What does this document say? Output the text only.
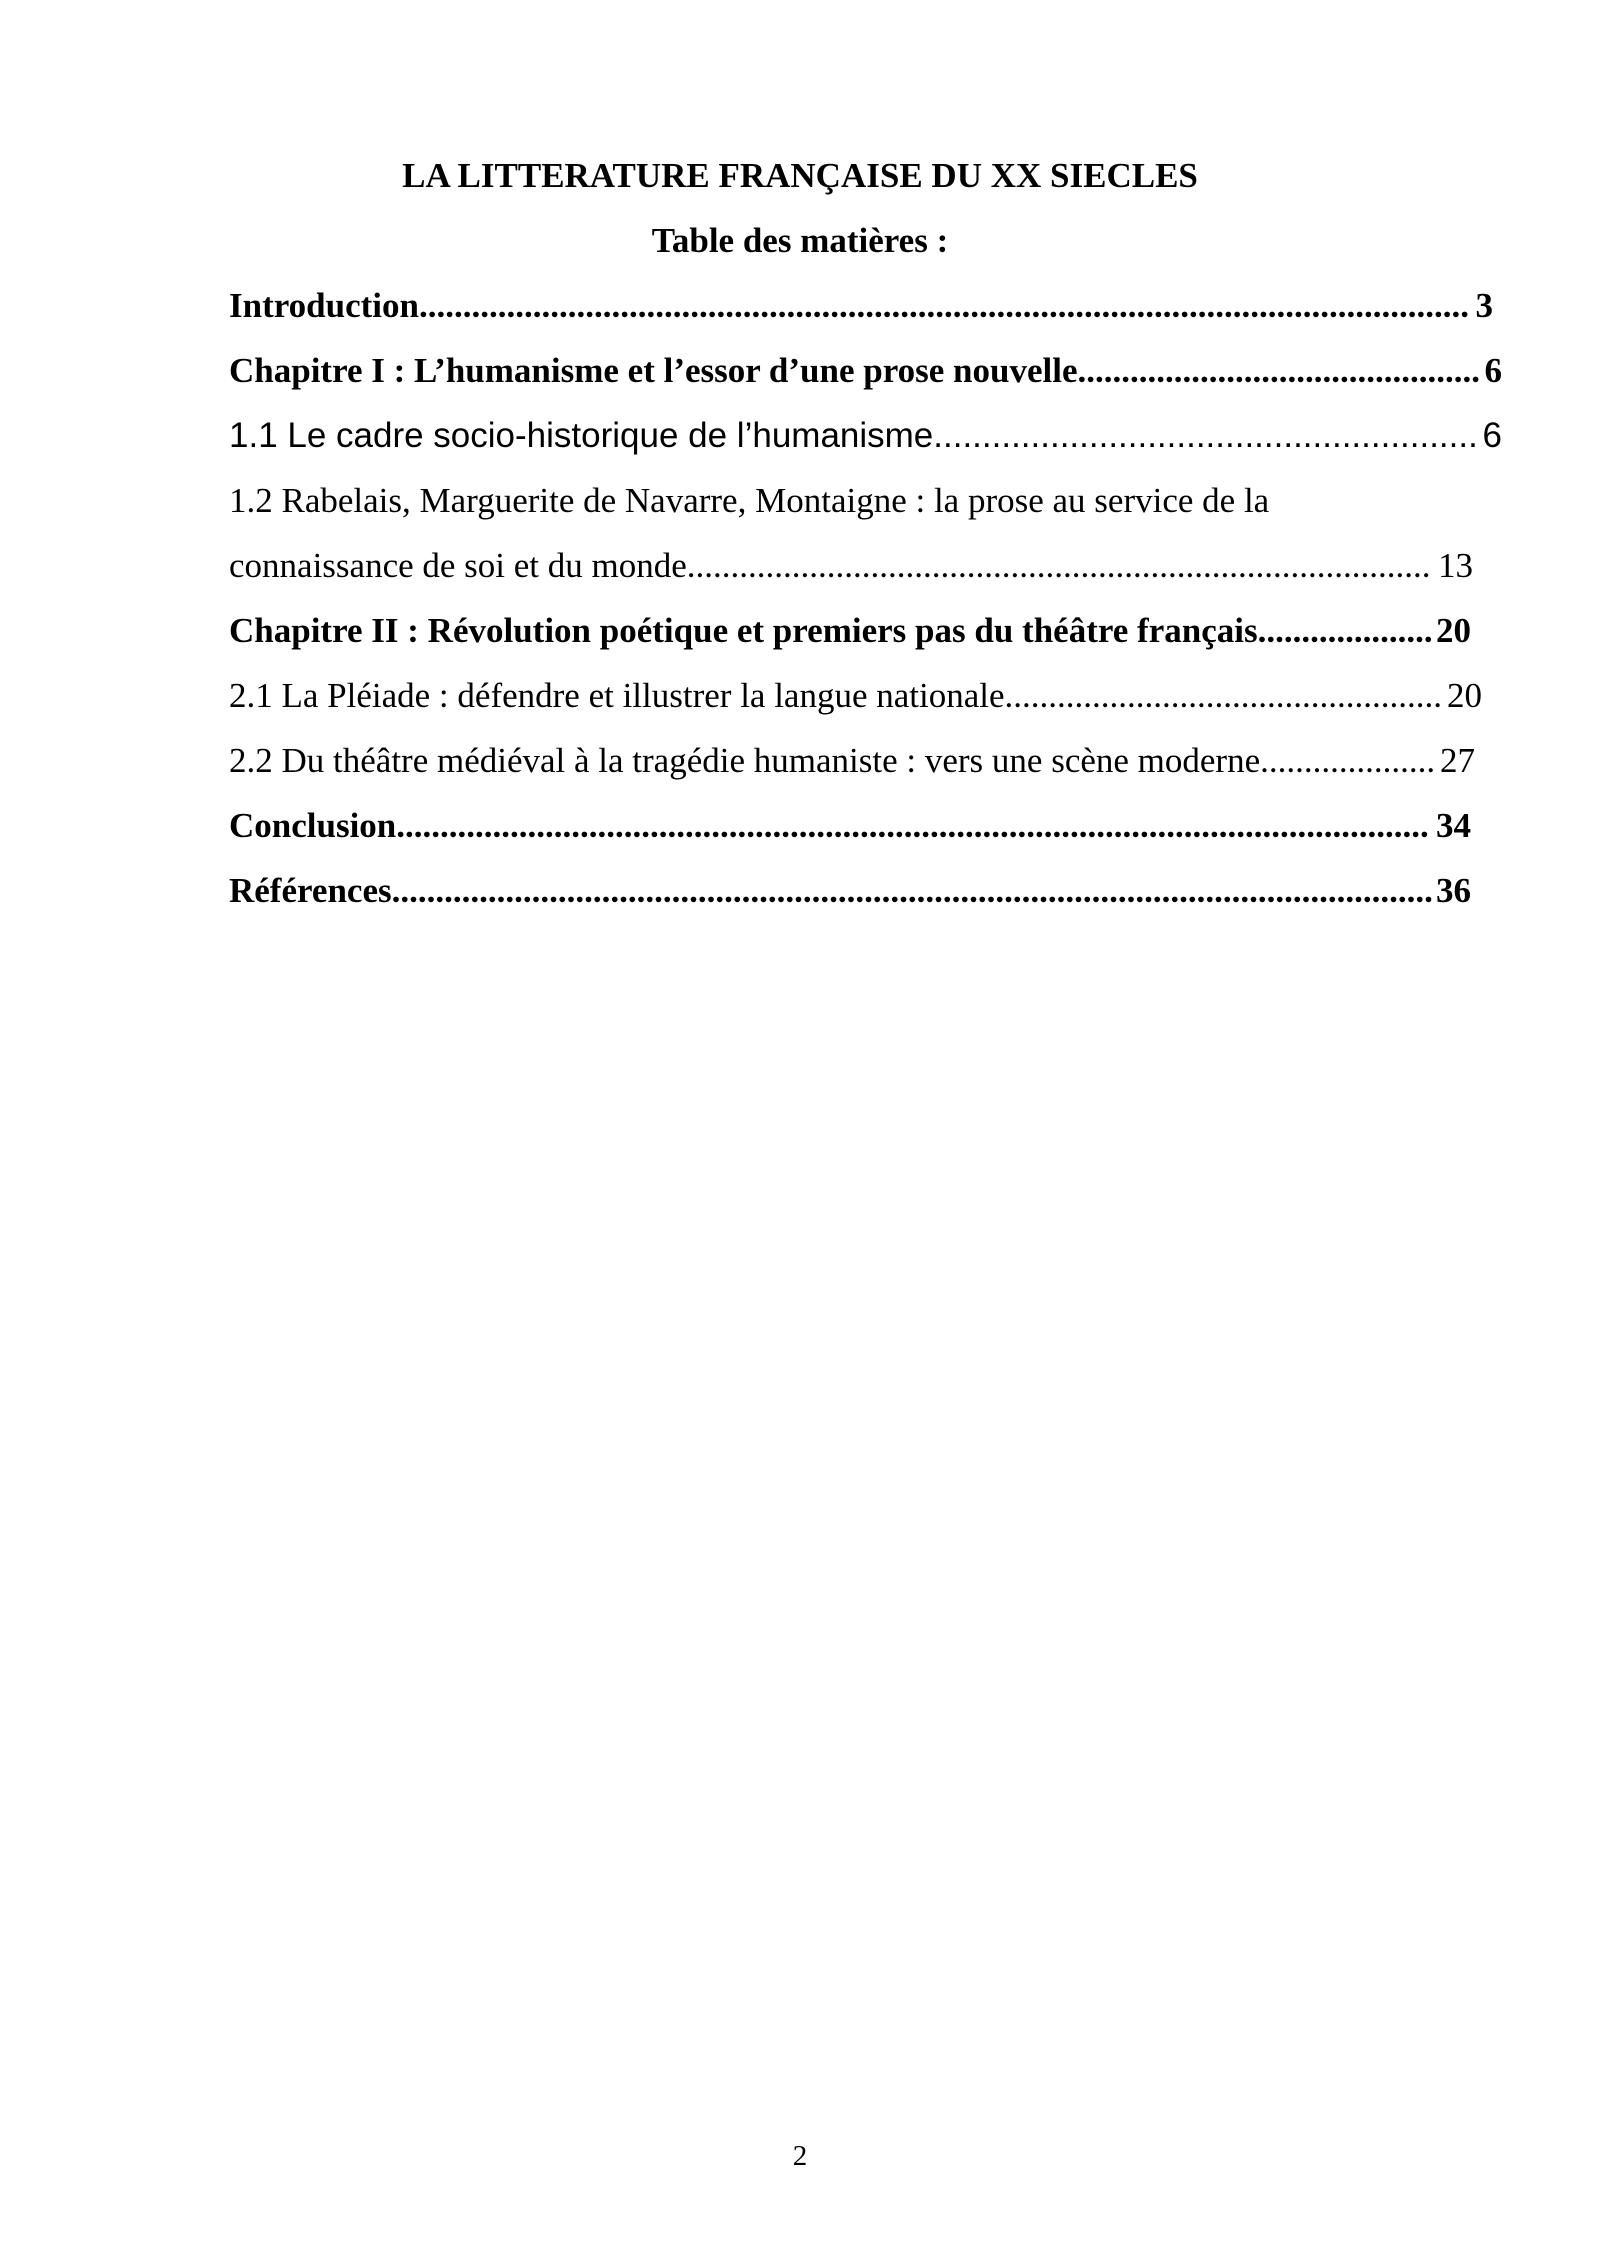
LA LITTERATURE FRANÇAISE DU XX SIECLES
Table des matières :
Introduction ........................................................................................................................ 3
Chapitre I : L’humanisme et l’essor d’une prose nouvelle .............................................. 6
1.1 Le cadre socio-historique de l’humanisme ........................................................ 6
1.2 Rabelais, Marguerite de Navarre, Montaigne : la prose au service de la
connaissance de soi et du monde ..................................................................................... 13
Chapitre II : Révolution poétique et premiers pas du théâtre français .................... 20
2.1 La Pléiade : défendre et illustrer la langue nationale .................................................. 20
2.2 Du théâtre médiéval à la tragédie humaniste : vers une scène moderne .................... 27
Conclusion ...................................................................................................................... 34
Références ....................................................................................................................... 36
2
